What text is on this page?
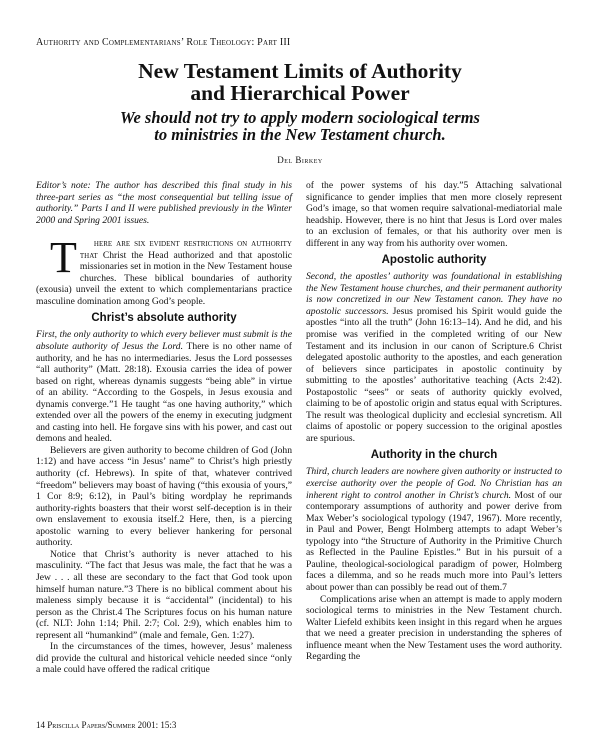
Authority and Complementarians’ Role Theology: Part III
New Testament Limits of Authority
and Hierarchical Power
We should not try to apply modern sociological terms
to ministries in the New Testament church.
Del Birkey

Editor’s note: The author has described this final study in his three-part series as “the most consequential but telling issue of authority.” Parts I and II were published previously in the Winter 2000 and Spring 2001 issues.

T here are six evident restrictions on authority that Christ the Head authorized and that apostolic missionaries set in motion in the New Testament house churches. These biblical boundaries of authority (exousia) unveil the extent to which complementarians practice masculine domination among God’s people.

Christ’s absolute authority

First, the only authority to which every believer must submit is the absolute authority of Jesus the Lord. There is no other name of authority, and he has no intermediaries. Jesus the Lord possesses “all authority” (Matt. 28:18). Exousia carries the idea of power based on right, whereas dynamis suggests “being able” in virtue of an ability. “According to the Gospels, in Jesus exousia and dynamis converge.”1 He taught “as one having authority,” which extended over all the powers of the enemy in executing judgment and casting into hell. He forgave sins with his power, and cast out demons and healed.

Believers are given authority to become children of God (John 1:12) and have access “in Jesus’ name” to Christ’s high priestly authority (cf. Hebrews). In spite of that, whatever contrived “freedom” believers may boast of having (“this exousia of yours,” 1 Cor 8:9; 6:12), in Paul’s biting wordplay he reprimands authority-rights boasters that their worst self-deception is in their own enslavement to exousia itself.2 Here, then, is a piercing apostolic warning to every believer hankering for personal authority.

Notice that Christ’s authority is never attached to his masculinity. “The fact that Jesus was male, the fact that he was a Jew . . . all these are secondary to the fact that God took upon himself human nature.”3 There is no biblical comment about his maleness simply because it is “accidental” (incidental) to his person as the Christ.4 The Scriptures focus on his human nature (cf. NLT: John 1:14; Phil. 2:7; Col. 2:9), which enables him to represent all “humankind” (male and female, Gen. 1:27).

In the circumstances of the times, however, Jesus’ maleness did provide the cultural and historical vehicle needed since “only a male could have offered the radical critique

of the power systems of his day.”5 Attaching salvational significance to gender implies that men more closely represent God’s image, so that women require salvational-mediatorial male headship. However, there is no hint that Jesus is Lord over males to an exclusion of females, or that his authority over men is different in any way from his authority over women.

Apostolic authority

Second, the apostles’ authority was foundational in establishing the New Testament house churches, and their permanent authority is now concretized in our New Testament canon. They have no apostolic successors. Jesus promised his Spirit would guide the apostles “into all the truth” (John 16:13–14). And he did, and his promise was verified in the completed writing of our New Testament and its inclusion in our canon of Scripture.6 Christ delegated apostolic authority to the apostles, and each generation of believers since participates in apostolic continuity by submitting to the apostles’ authoritative teaching (Acts 2:42). Postapostolic “sees” or seats of authority quickly evolved, claiming to be of apostolic origin and status equal with Scriptures. The result was theological duplicity and ecclesial syncretism. All claims of apostolic or popery succession to the original apostles are spurious.

Authority in the church

Third, church leaders are nowhere given authority or instructed to exercise authority over the people of God. No Christian has an inherent right to control another in Christ’s church. Most of our contemporary assumptions of authority and power derive from Max Weber’s sociological typology (1947, 1967). More recently, in Paul and Power, Bengt Holmberg attempts to adapt Weber’s typology into “the Structure of Authority in the Primitive Church as Reflected in the Pauline Epistles.” But in his pursuit of a Pauline, theological-sociological paradigm of power, Holmberg faces a dilemma, and so he reads much more into Paul’s letters about power than can possibly be read out of them.7

Complications arise when an attempt is made to apply modern sociological terms to ministries in the New Testament church. Walter Liefeld exhibits keen insight in this regard when he argues that we need a greater precision in understanding the spheres of influence meant when the New Testament uses the word authority. Regarding the

14 Priscilla Papers/Summer 2001: 15:3
